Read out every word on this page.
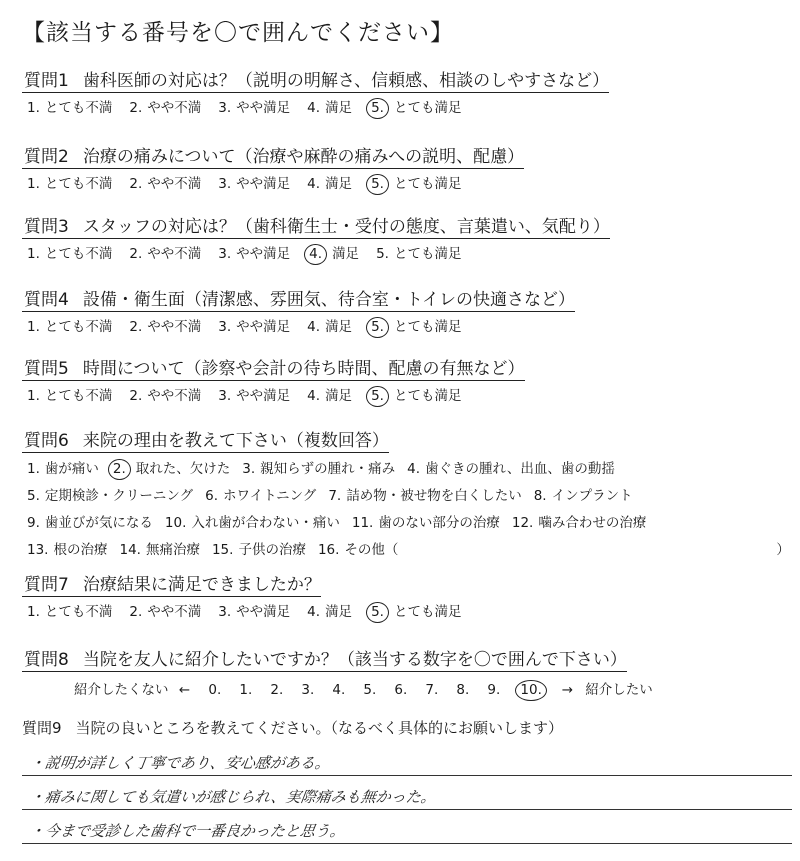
【該当する番号を〇で囲んでください】
質問1 歯科医師の対応は？（説明の明解さ、信頼感、相談のしやすさなど）
1. とても不満 2. やや不満 3. やや満足 4. 満足 5. とても満足
質問2 治療の痛みについて（治療や麻酔の痛みへの説明、配慮）
1. とても不満 2. やや不満 3. やや満足 4. 満足 5. とても満足
質問3 スタッフの対応は？（歯科衛生士・受付の態度、言葉遣い、気配り）
1. とても不満 2. やや不満 3. やや満足 4. 満足 5. とても満足
質問4 設備・衛生面（清潔感、雰囲気、待合室・トイレの快適さなど）
1. とても不満 2. やや不満 3. やや満足 4. 満足 5. とても満足
質問5 時間について（診察や会計の待ち時間、配慮の有無など）
1. とても不満 2. やや不満 3. やや満足 4. 満足 5. とても満足
質問6 来院の理由を教えて下さい（複数回答）
1. 歯が痛い 2. 取れた、欠けた 3. 親知らずの腫れ・痛み 4. 歯ぐきの腫れ、出血、歯の動揺
5. 定期検診・クリーニング 6. ホワイトニング 7. 詰め物・被せ物を白くしたい 8. インプラント
9. 歯並びが気になる 10. 入れ歯が合わない・痛い 11. 歯のない部分の治療 12. 噛み合わせの治療
13. 根の治療 14. 無痛治療 15. 子供の治療 16. その他（　　　　　　　　　　　　　　　　　　　　　　　　　　　　）
質問7 治療結果に満足できましたか？
1. とても不満 2. やや不満 3. やや満足 4. 満足 5. とても満足
質問8 当院を友人に紹介したいですか？（該当する数字を〇で囲んで下さい）
紹介したくない ← 0. 1. 2. 3. 4. 5. 6. 7. 8. 9. 10. → 紹介したい
質問9 当院の良いところを教えてください。（なるべく具体的にお願いします）
・説明が詳しく丁寧であり、安心感がある。
・痛みに関しても気遣いが感じられ、実際痛みも無かった。
・今まで受診した歯科で一番良かったと思う。
